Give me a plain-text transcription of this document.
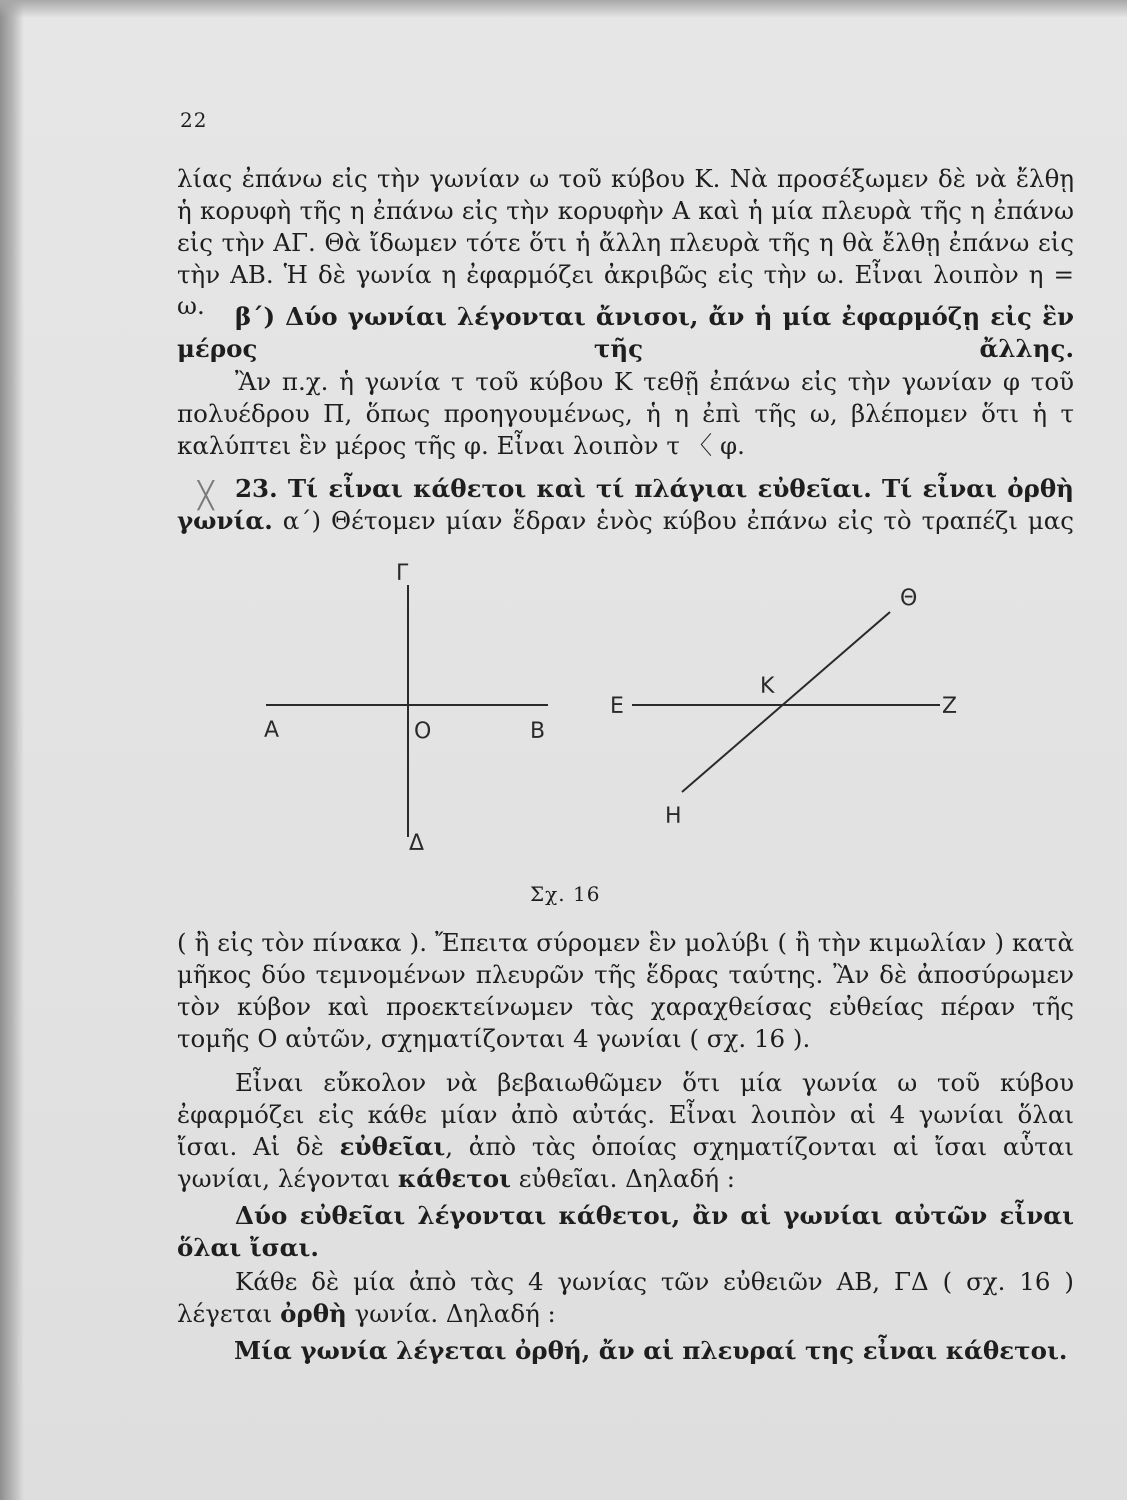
22

λίας ἐπάνω εἰς τὴν γωνίαν ω τοῦ κύβου Κ. Νὰ προσέξωμεν δὲ νὰ ἔλθῃ ἡ κορυφὴ τῆς η ἐπάνω εἰς τὴν κορυφὴν Α καὶ ἡ μία πλευρὰ τῆς η ἐπάνω εἰς τὴν ΑΓ. Θὰ ἴδωμεν τότε ὅτι ἡ ἄλλη πλευρὰ τῆς η θὰ ἔλθῃ ἐπάνω εἰς τὴν ΑΒ. Ἡ δὲ γωνία η ἐφαρμόζει ἀκριβῶς εἰς τὴν ω. Εἶναι λοιπὸν η = ω.	β΄) Δύο γωνίαι λέγονται ἄνισοι, ἄν ἡ μία ἐφαρμόζῃ εἰς ἓν μέρος τῆς ἄλλης.

Ἂν π.χ. ἡ γωνία τ τοῦ κύβου Κ τεθῇ ἐπάνω εἰς τὴν γωνίαν φ τοῦ πολυέδρου Π, ὅπως προηγουμένως, ἡ η ἐπὶ τῆς ω, βλέπομεν ὅτι ἡ τ καλύπτει ἓν μέρος τῆς φ. Εἶναι λοιπὸν τ 〈 φ.

╳ 23. Τί εἶναι κάθετοι καὶ τί πλάγιαι εὐθεῖαι. Τί εἶναι ὀρθὴ γωνία. α΄) Θέτομεν μίαν ἕδραν ἑνὸς κύβου ἐπάνω εἰς τὸ τραπέζι μας

Γ
Α	Ο	Β
Δ
Θ
Κ
Ε	Ζ
Η
Σχ. 16

( ἢ εἰς τὸν πίνακα ). Ἔπειτα σύρομεν ἓν μολύβι ( ἢ τὴν κιμωλίαν ) κατὰ μῆκος δύο τεμνομένων πλευρῶν τῆς ἕδρας ταύτης. Ἂν δὲ ἀποσύρωμεν τὸν κύβον καὶ προεκτείνωμεν τὰς χαραχθείσας εὐθείας πέραν τῆς τομῆς Ο αὐτῶν, σχηματίζονται 4 γωνίαι ( σχ. 16 ).

Εἶναι εὔκολον νὰ βεβαιωθῶμεν ὅτι μία γωνία ω τοῦ κύβου ἐφαρμόζει εἰς κάθε μίαν ἀπὸ αὐτάς. Εἶναι λοιπὸν αἱ 4 γωνίαι ὅλαι ἴσαι. Αἱ δὲ εὐθεῖαι, ἀπὸ τὰς ὁποίας σχηματίζονται αἱ ἴσαι αὗται γωνίαι, λέγονται κάθετοι εὐθεῖαι. Δηλαδή :

Δύο εὐθεῖαι λέγονται κάθετοι, ἂν αἱ γωνίαι αὐτῶν εἶναι ὅλαι ἴσαι.

Κάθε δὲ μία ἀπὸ τὰς 4 γωνίας τῶν εὐθειῶν ΑΒ, ΓΔ ( σχ. 16 ) λέγεται ὀρθὴ γωνία. Δηλαδή :

Μία γωνία λέγεται ὀρθή, ἄν αἱ πλευραί της εἶναι κάθετοι.
